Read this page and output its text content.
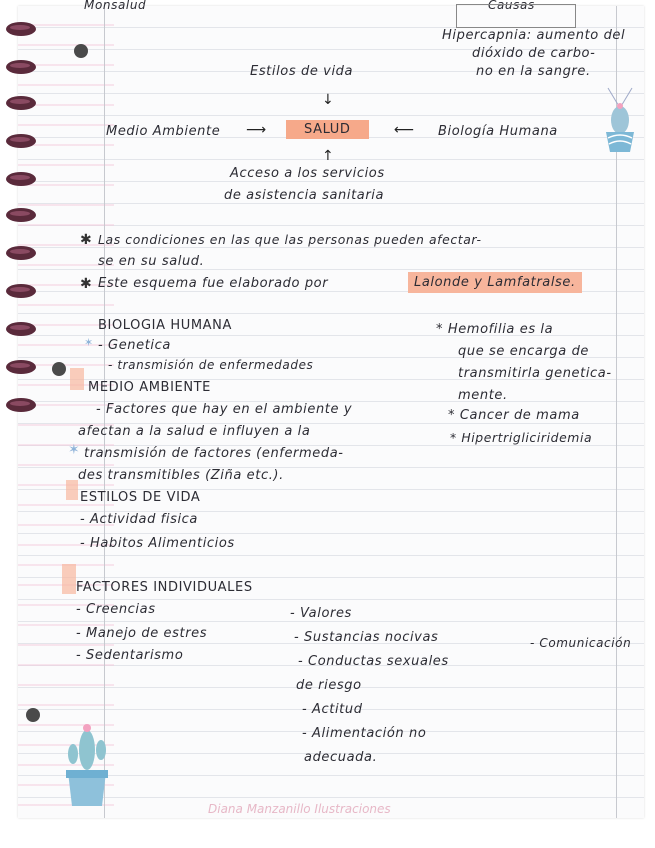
Monsalud	Causas
Hipercapnia: aumento del
dióxido de carbo-
no en la sangre.
Estilos de vida
↓
Medio Ambiente ⟶	SALUD	⟵ Biología Humana
↑
Acceso a los servicios
de asistencia sanitaria
✱ Las condiciones en las que las personas pueden afectar-
se en su salud.
✱ Este esquema fue elaborado por	Lalonde y Lamfatralse.
BIOLOGIA HUMANA
✶ - Genetica
- transmisión de enfermedades
MEDIO AMBIENTE
- Factores que hay en el ambiente y
afectan a la salud e influyen a la
✶ transmisión de factores (enfermeda-
des transmitibles (Ziña etc.).
* Hemofilia es la
que se encarga de
transmitirla genetica-
mente.
* Cancer de mama
* Hipertrigliciridemia
ESTILOS DE VIDA
- Actividad fisica
- Habitos Alimenticios
FACTORES INDIVIDUALES
- Creencias
- Manejo de estres
- Sedentarismo
- Valores
- Sustancias nocivas
- Conductas sexuales
de riesgo
- Actitud
- Alimentación no
adecuada.
- Comunicación
Diana Manzanillo Ilustraciones
